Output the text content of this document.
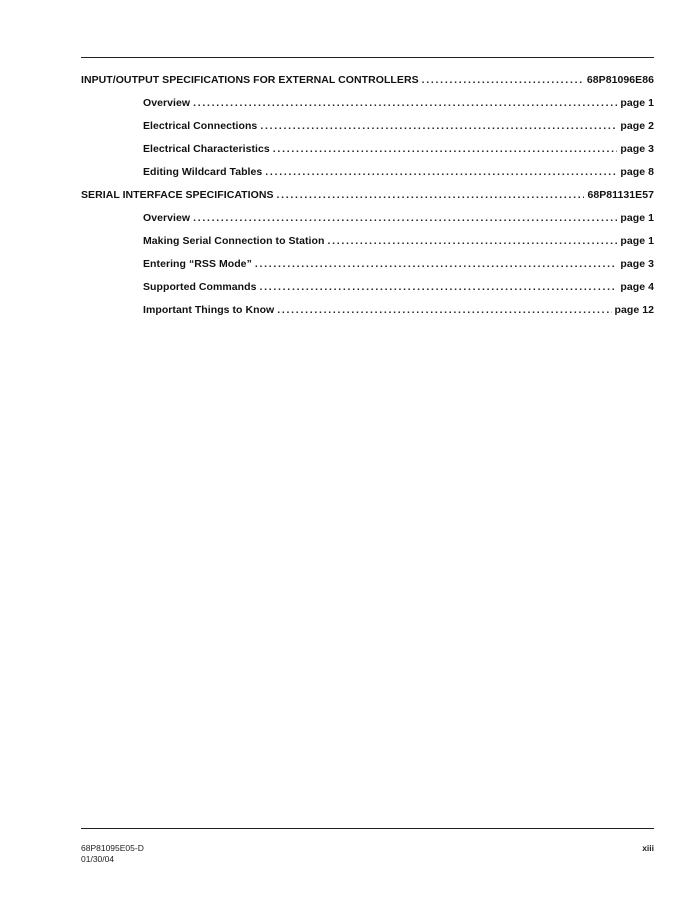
INPUT/OUTPUT SPECIFICATIONS FOR EXTERNAL CONTROLLERS . . .	68P81096E86
Overview . . .	page 1
Electrical Connections . . .	page 2
Electrical Characteristics . . .	page 3
Editing Wildcard Tables . . .	page 8
SERIAL INTERFACE SPECIFICATIONS . . .	68P81131E57
Overview . . .	page 1
Making Serial Connection to Station . . .	page 1
Entering “RSS Mode” . . .	page 3
Supported Commands . . .	page 4
Important Things to Know . . .	page 12
68P81095E05-D
01/30/04
xiii
